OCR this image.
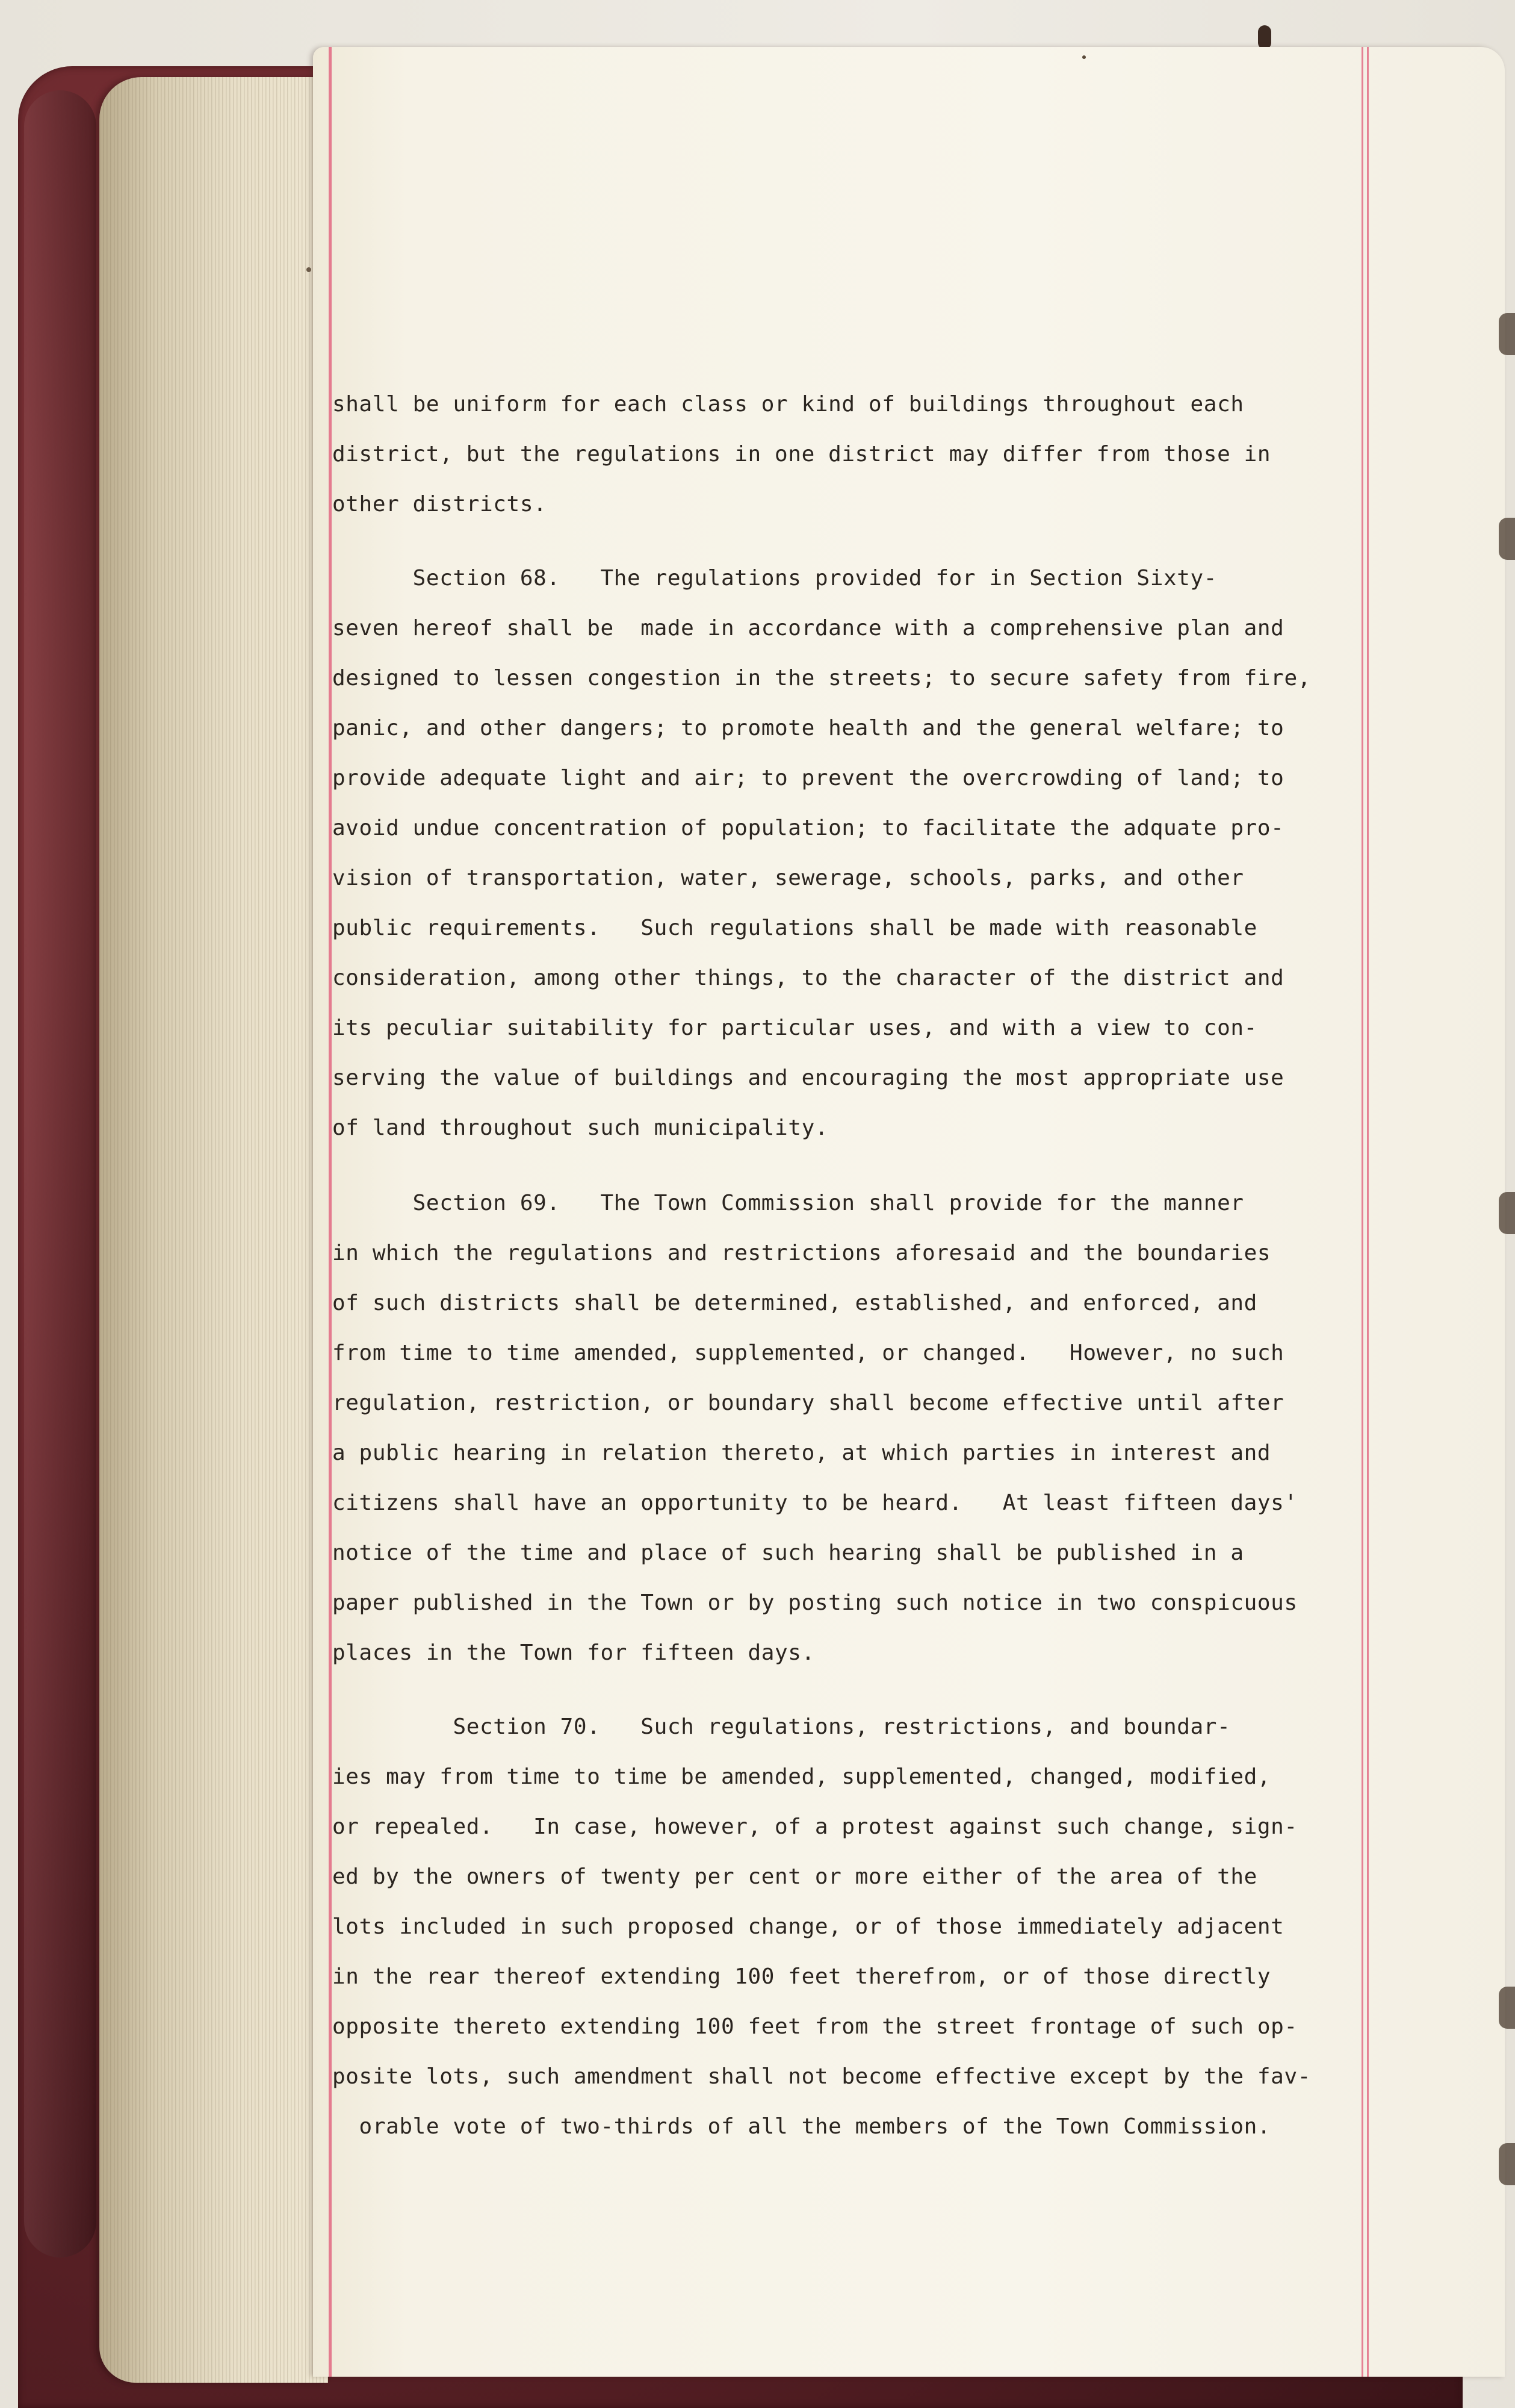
shall be uniform for each class or kind of buildings throughout each
district, but the regulations in one district may differ from those in
other districts.
Section 68.   The regulations provided for in Section Sixty-
seven hereof shall be  made in accordance with a comprehensive plan and
designed to lessen congestion in the streets; to secure safety from fire,
panic, and other dangers; to promote health and the general welfare; to
provide adequate light and air; to prevent the overcrowding of land; to
avoid undue concentration of population; to facilitate the adquate pro-
vision of transportation, water, sewerage, schools, parks, and other
public requirements.   Such regulations shall be made with reasonable
consideration, among other things, to the character of the district and
its peculiar suitability for particular uses, and with a view to con-
serving the value of buildings and encouraging the most appropriate use
of land throughout such municipality.
Section 69.   The Town Commission shall provide for the manner
in which the regulations and restrictions aforesaid and the boundaries
of such districts shall be determined, established, and enforced, and
from time to time amended, supplemented, or changed.   However, no such
regulation, restriction, or boundary shall become effective until after
a public hearing in relation thereto, at which parties in interest and
citizens shall have an opportunity to be heard.   At least fifteen days'
notice of the time and place of such hearing shall be published in a
paper published in the Town or by posting such notice in two conspicuous
places in the Town for fifteen days.
Section 70.   Such regulations, restrictions, and boundar-
ies may from time to time be amended, supplemented, changed, modified,
or repealed.   In case, however, of a protest against such change, sign-
ed by the owners of twenty per cent or more either of the area of the
lots included in such proposed change, or of those immediately adjacent
in the rear thereof extending 100 feet therefrom, or of those directly
opposite thereto extending 100 feet from the street frontage of such op-
posite lots, such amendment shall not become effective except by the fav-
orable vote of two-thirds of all the members of the Town Commission.
